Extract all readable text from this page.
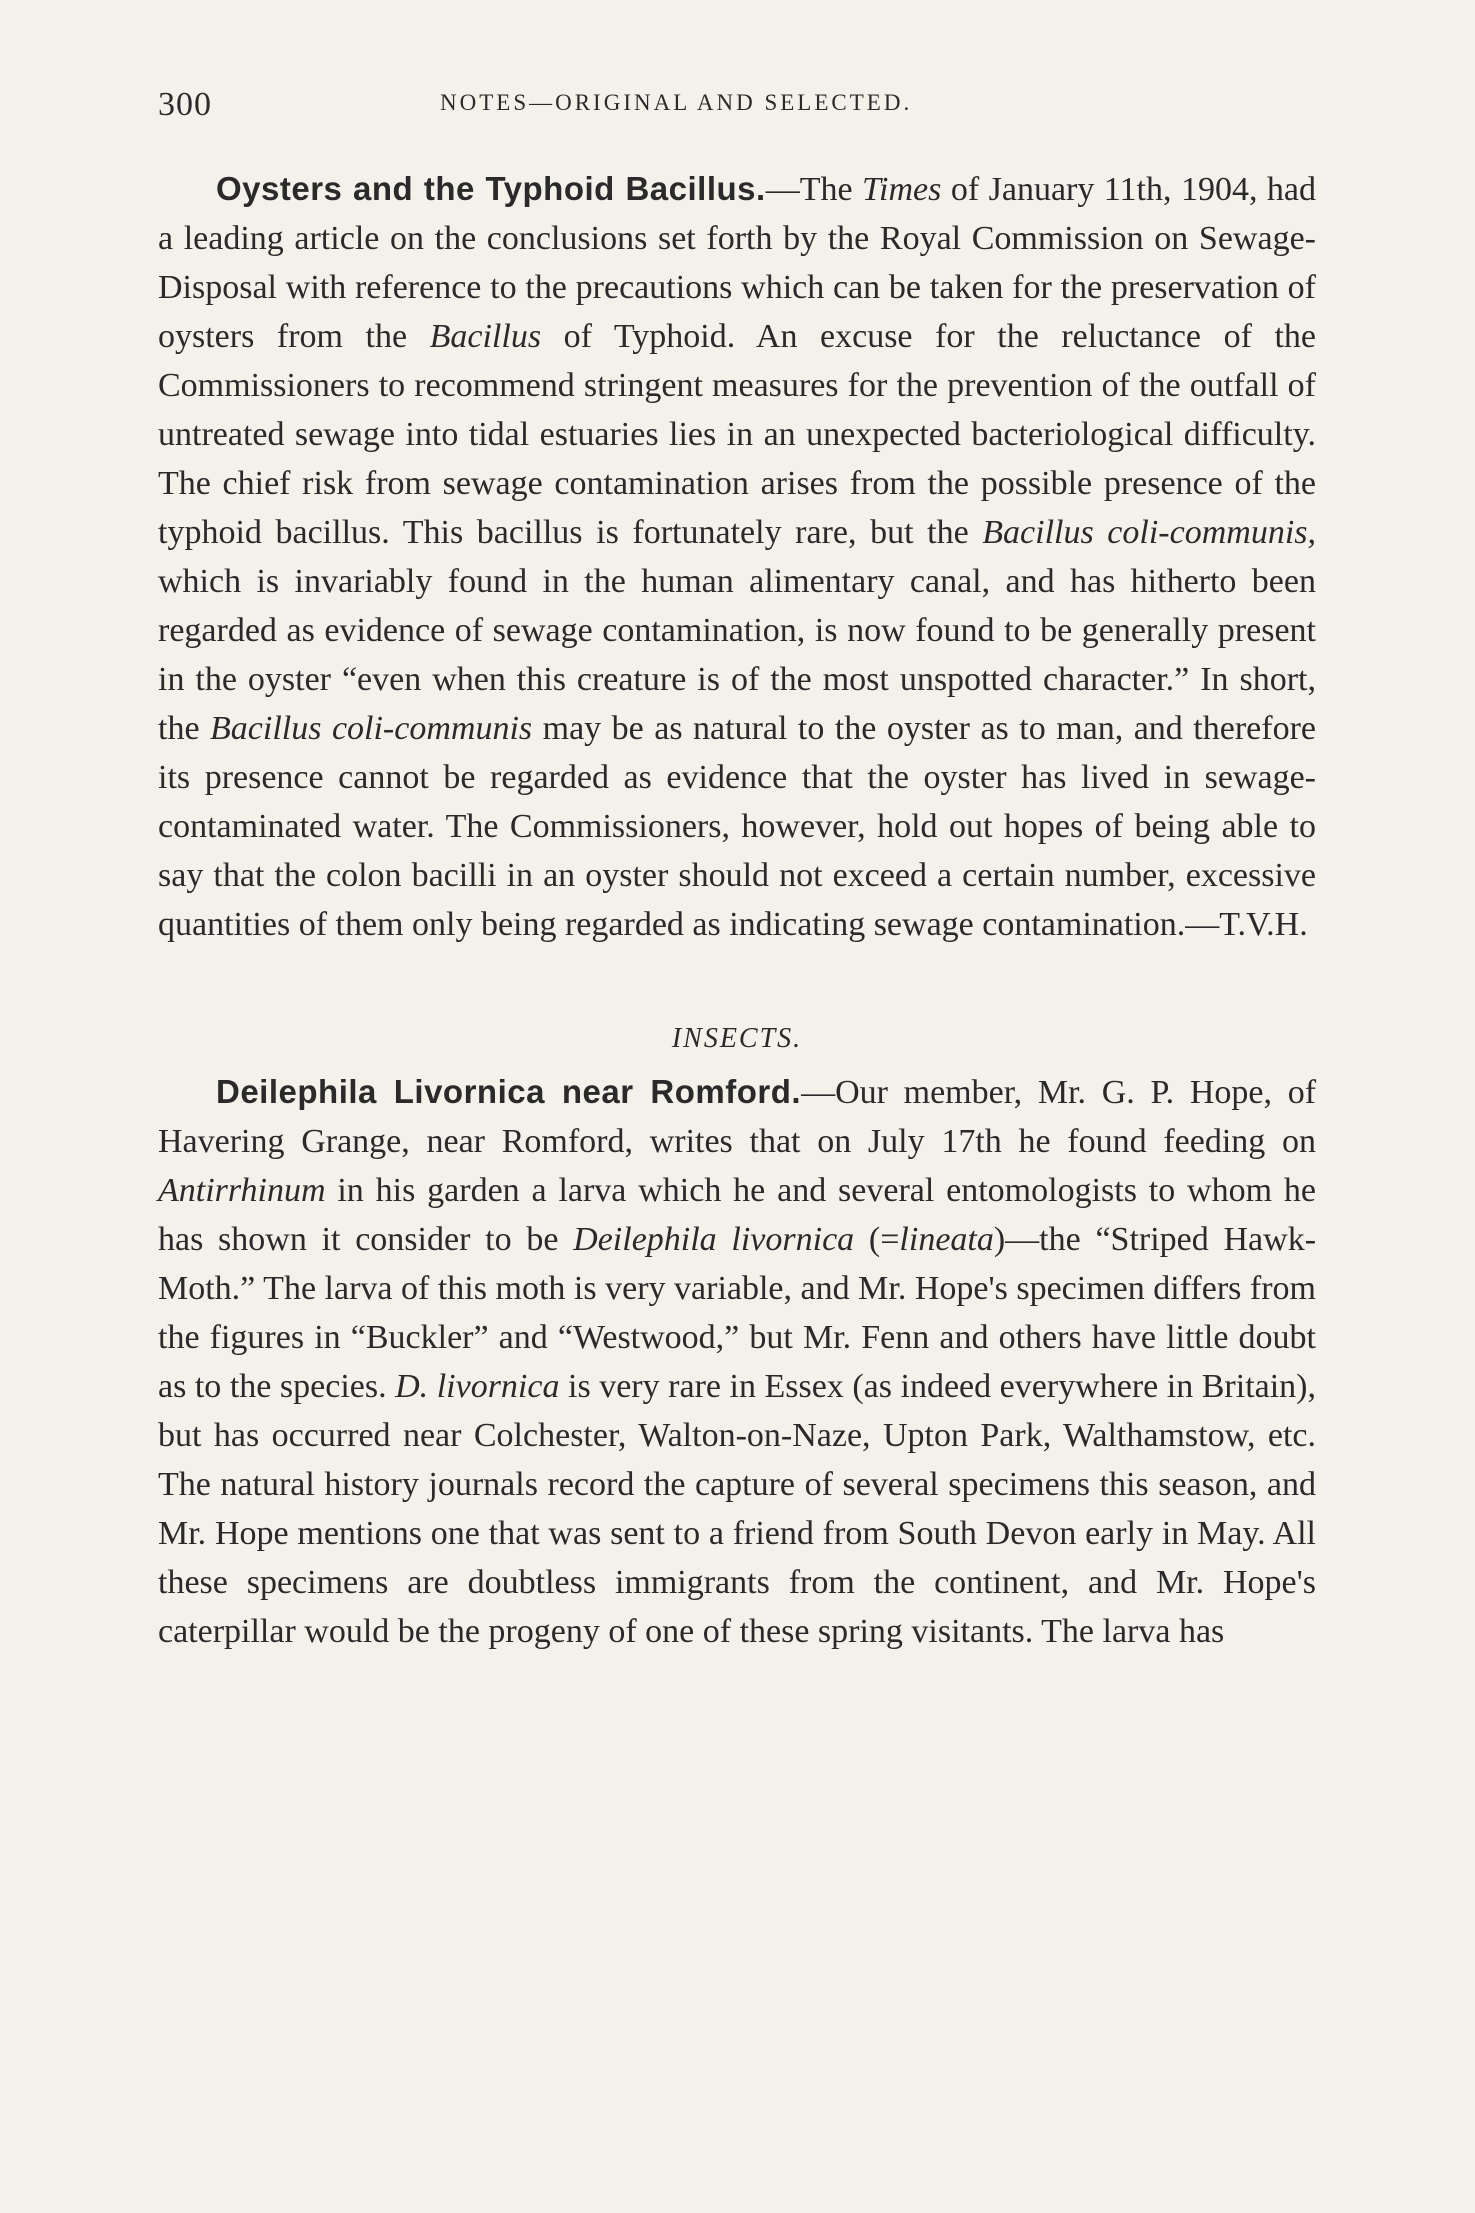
300	NOTES—ORIGINAL AND SELECTED.

Oysters and the Typhoid Bacillus.—The Times of January 11th, 1904, had a leading article on the conclusions set forth by the Royal Commission on Sewage-Disposal with reference to the precautions which can be taken for the preservation of oysters from the Bacillus of Typhoid. An excuse for the reluctance of the Commissioners to recommend stringent measures for the prevention of the outfall of untreated sewage into tidal estuaries lies in an unexpected bacteriological difficulty. The chief risk from sewage contamination arises from the possible presence of the typhoid bacillus. This bacillus is fortunately rare, but the Bacillus coli-communis, which is invariably found in the human alimentary canal, and has hitherto been regarded as evidence of sewage contamination, is now found to be generally present in the oyster “even when this creature is of the most unspotted character.” In short, the Bacillus coli-communis may be as natural to the oyster as to man, and therefore its presence cannot be regarded as evidence that the oyster has lived in sewage-contaminated water. The Commissioners, however, hold out hopes of being able to say that the colon bacilli in an oyster should not exceed a certain number, excessive quantities of them only being regarded as indicating sewage contamination.—T.V.H.

INSECTS.

Deilephila Livornica near Romford.—Our member, Mr. G. P. Hope, of Havering Grange, near Romford, writes that on July 17th he found feeding on Antirrhinum in his garden a larva which he and several entomologists to whom he has shown it consider to be Deilephila livornica (=lineata)—the “Striped Hawk-Moth.” The larva of this moth is very variable, and Mr. Hope's specimen differs from the figures in “Buckler” and “Westwood,” but Mr. Fenn and others have little doubt as to the species. D. livornica is very rare in Essex (as indeed everywhere in Britain), but has occurred near Colchester, Walton-on-Naze, Upton Park, Walthamstow, etc. The natural history journals record the capture of several specimens this season, and Mr. Hope mentions one that was sent to a friend from South Devon early in May. All these specimens are doubtless immigrants from the continent, and Mr. Hope's caterpillar would be the progeny of one of these spring visitants. The larva has
